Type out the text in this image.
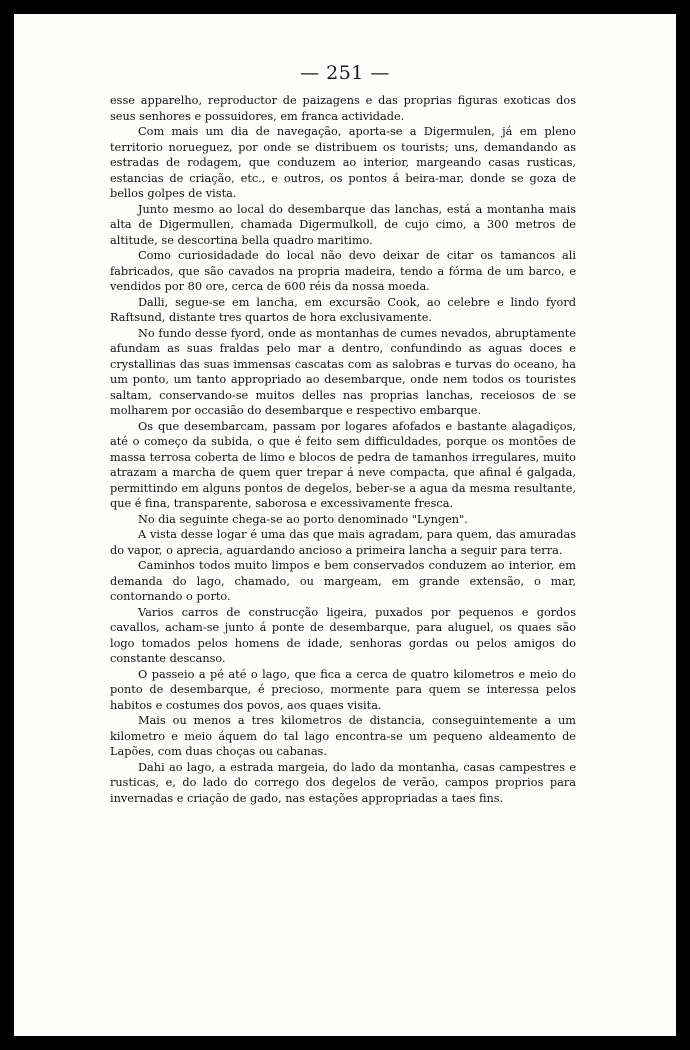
— 251 —

esse apparelho, reproductor de paizagens e das proprias figuras exoticas dos seus senhores e possuidores, em franca actividade.

Com mais um dia de navegação, aporta-se a Digermulen, já em pleno territorio norueguez, por onde se distribuem os tourists; uns, demandando as estradas de rodagem, que conduzem ao interior, margeando casas rusticas, estancias de criação, etc., e outros, os pontos á beira-mar, donde se goza de bellos golpes de vista.

Junto mesmo ao local do desembarque das lanchas, está a montanha mais alta de Digermullen, chamada Digermulkoll, de cujo cimo, a 300 metros de altitude, se descortina bella quadro maritimo.

Como curiosidadade do local não devo deixar de citar os tamancos ali fabricados, que são cavados na propria madeira, tendo a fórma de um barco, e vendidos por 80 ore, cerca de 600 réis da nossa moeda.

Dalli, segue-se em lancha, em excursão Cook, ao celebre e lindo fyord Raftsund, distante tres quartos de hora exclusivamente.

No fundo desse fyord, onde as montanhas de cumes nevados, abruptamente afundam as suas fraldas pelo mar a dentro, confundindo as aguas doces e crystallinas das suas immensas cascatas com as salobras e turvas do oceano, ha um ponto, um tanto appropriado ao desembarque, onde nem todos os touristes saltam, conservando-se muitos delles nas proprias lanchas, receiosos de se molharem por occasião do desembarque e respectivo embarque.

Os que desembarcam, passam por logares afofados e bastante alagadiços, até o começo da subida, o que é feito sem difficuldades, porque os montões de massa terrosa coberta de limo e blocos de pedra de tamanhos irregulares, muito atrazam a marcha de quem quer trepar á neve compacta, que afinal é galgada, permittindo em alguns pontos de degelos, beber-se a agua da mesma resultante, que é fina, transparente, saborosa e excessivamente fresca.

No dia seguinte chega-se ao porto denominado "Lyngen".

A vista desse logar é uma das que mais agradam, para quem, das amuradas do vapor, o aprecia, aguardando ancioso a primeira lancha a seguir para terra.

Caminhos todos muito limpos e bem conservados conduzem ao interior, em demanda do lago, chamado, ou margeam, em grande extensão, o mar, contornando o porto.

Varios carros de construcção ligeira, puxados por pequenos e gordos cavallos, acham-se junto á ponte de desembarque, para aluguel, os quaes são logo tomados pelos homens de idade, senhoras gordas ou pelos amigos do constante descanso.

O passeio a pé até o lago, que fica a cerca de quatro kilometros e meio do ponto de desembarque, é precioso, mormente para quem se interessa pelos habitos e costumes dos povos, aos quaes visita.

Mais ou menos a tres kilometros de distancia, conseguintemente a um kilometro e meio áquem do tal lago encontra-se um pequeno aldeamento de Lapões, com duas choças ou cabanas.

Dahi ao lago, a estrada margeia, do lado da montanha, casas campestres e rusticas, e, do lado do corrego dos degelos de verão, campos proprios para invernadas e criação de gado, nas estações appropriadas a taes fins.
